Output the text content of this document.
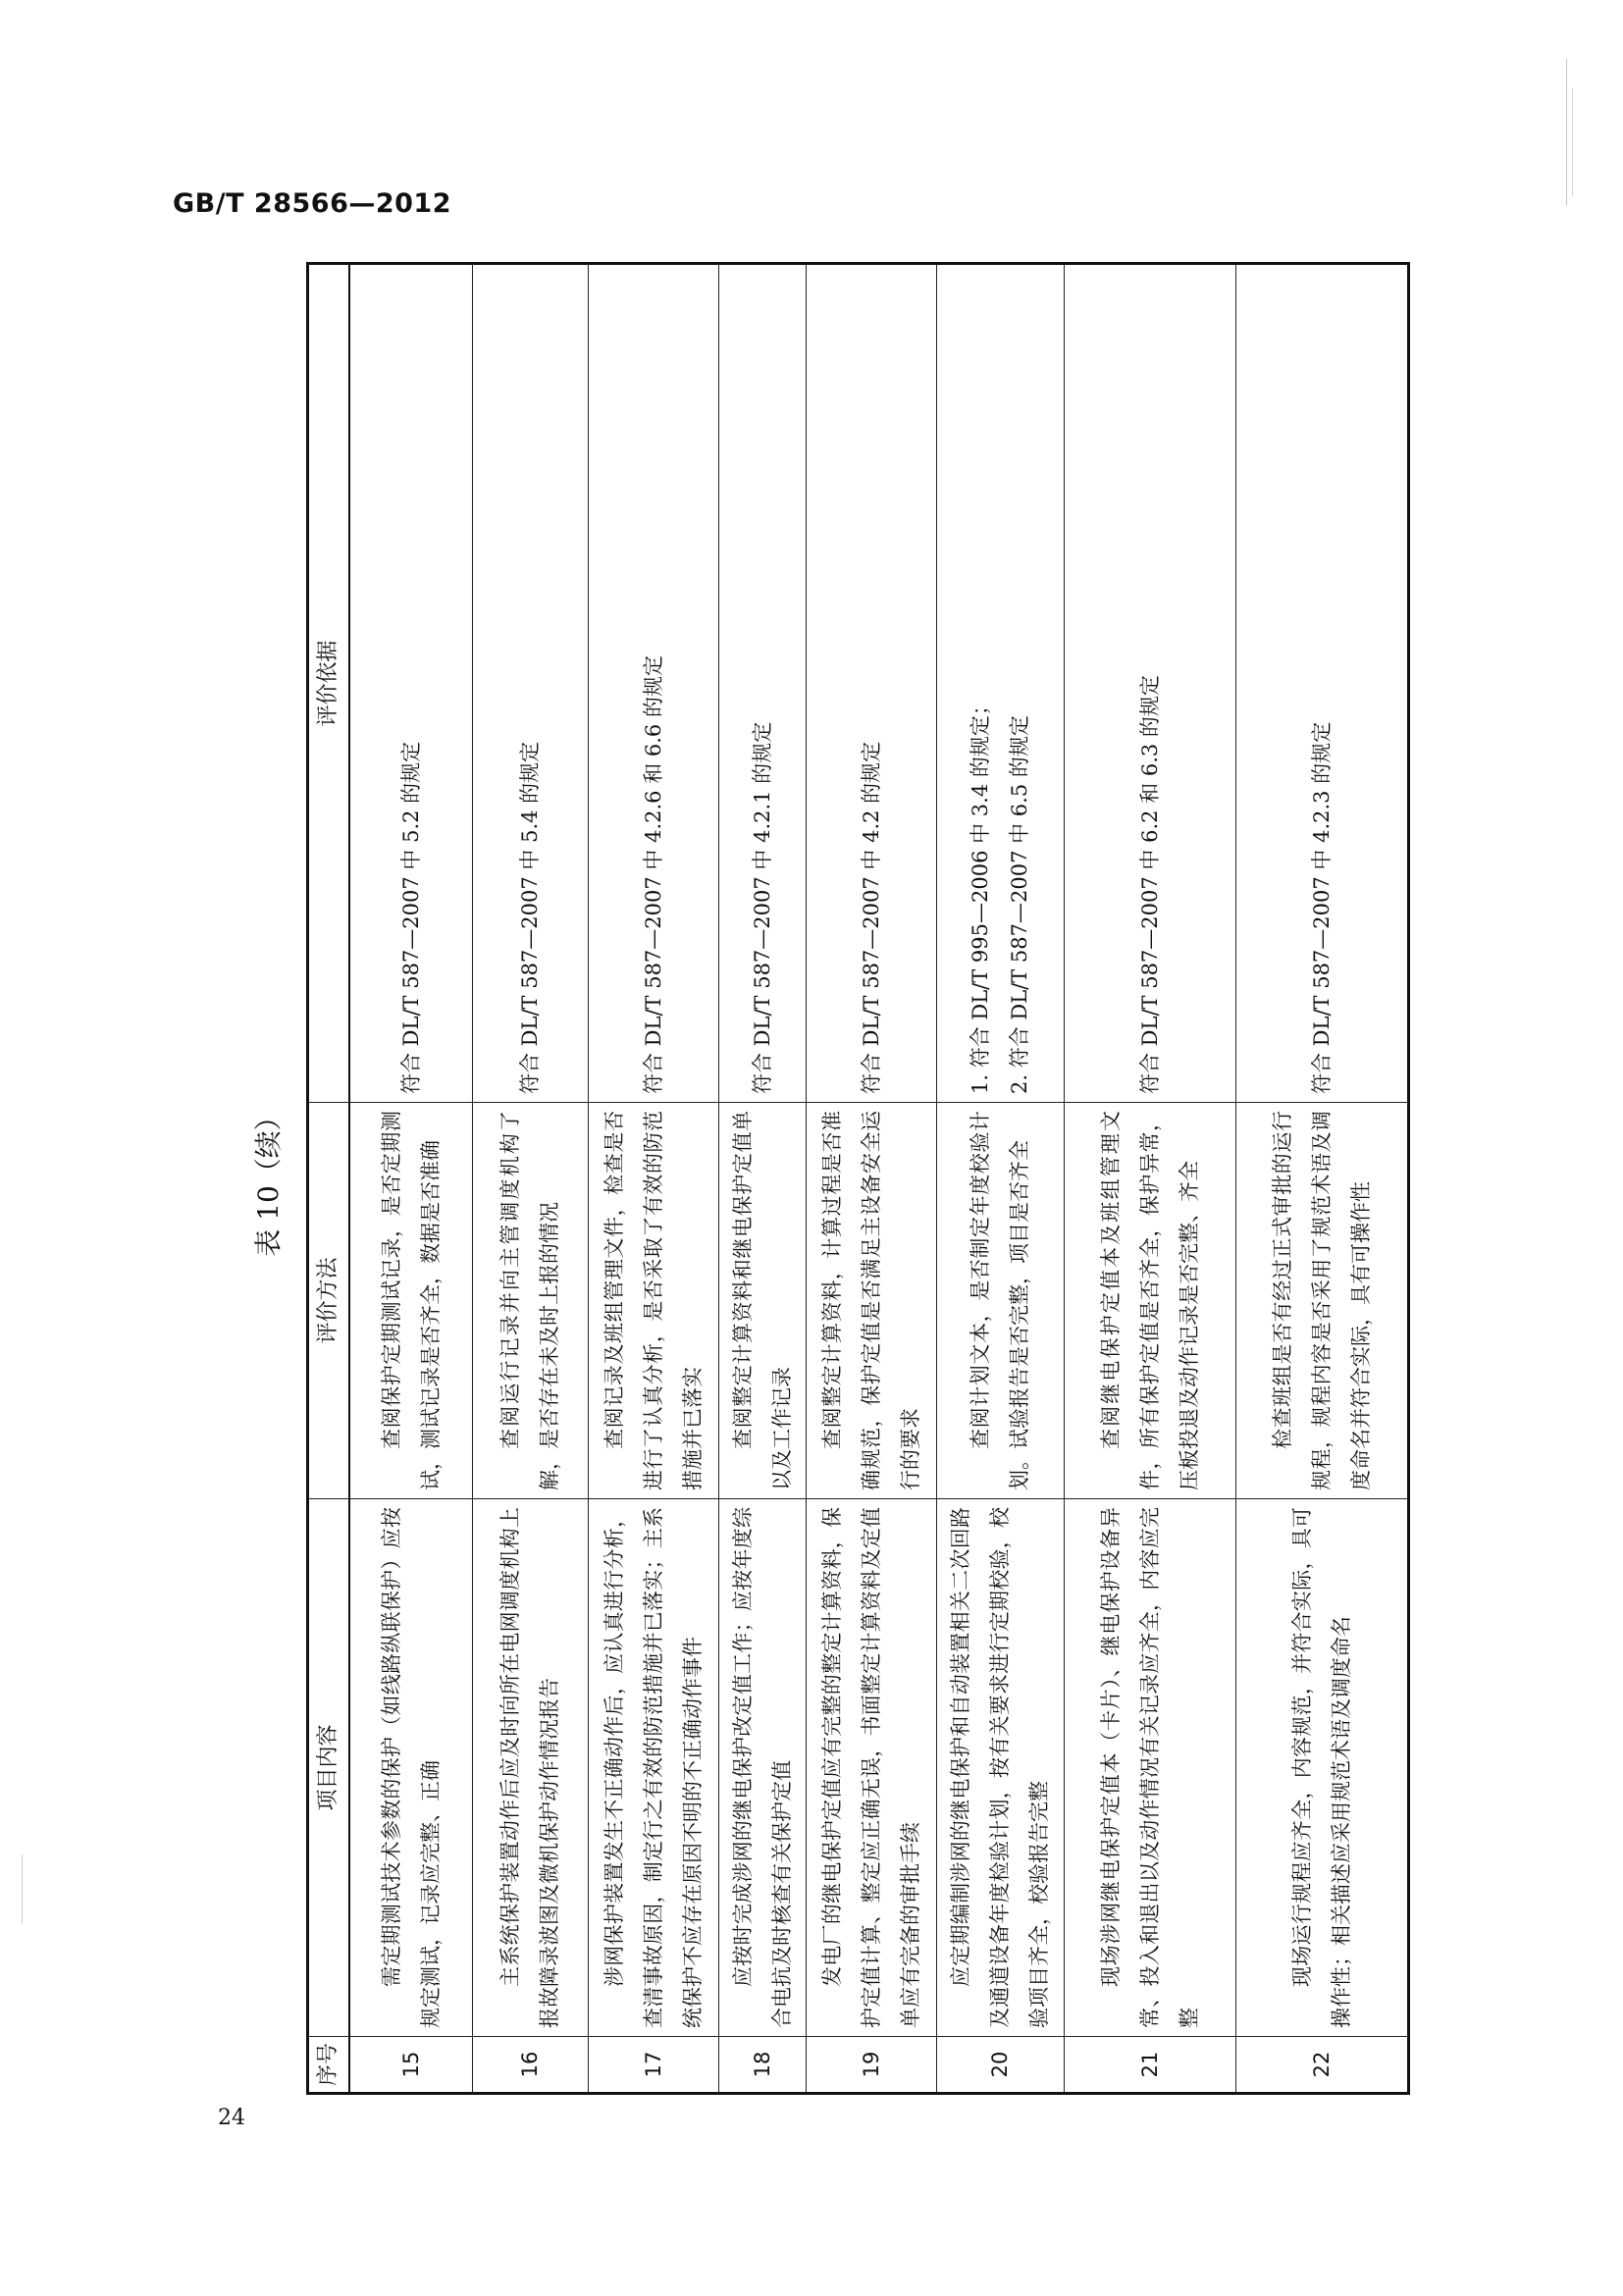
GB/T 28566—2012
表 10（续）
序号	项目内容	评价方法	评价依据
15	需定期测试技术参数的保护（如线路纵联保护）应按规定测试，记录应完整、正确	查阅保护定期测试记录，是否定期测试，测试记录是否齐全，数据是否准确	符合 DL/T 587—2007 中 5.2 的规定

16	主系统保护装置动作后应及时向所在电网调度机构上报故障录波图及微机保护动作情况报告	查阅运行记录并向主管调度机构了解，是否存在未及时上报的情况	符合 DL/T 587—2007 中 5.4 的规定

17	涉网保护装置发生不正确动作后，应认真进行分析，查清事故原因，制定行之有效的防范措施并已落实；主系统保护不应存在原因不明的不正确动作事件	查阅记录及班组管理文件，检查是否进行了认真分析，是否采取了有效的防范措施并已落实	符合 DL/T 587—2007 中 4.2.6 和 6.6 的规定

18	应按时完成涉网的继电保护改定值工作；应按年度综合电抗及时核查有关保护定值	查阅整定计算资料和继电保护定值单以及工作记录	符合 DL/T 587—2007 中 4.2.1 的规定

19	发电厂的继电保护定值应有完整的整定计算资料，保护定值计算、整定应正确无误，书面整定计算资料及定值单应有完备的审批手续	查阅整定计算资料，计算过程是否准确规范，保护定值是否满足主设备安全运行的要求	符合 DL/T 587—2007 中 4.2 的规定

20	应定期编制涉网的继电保护和自动装置相关二次回路及通道设备年度检验计划，按有关要求进行定期校验，校验项目齐全，校验报告完整	查阅计划文本，是否制定年度校验计划。试验报告是否完整，项目是否齐全	1. 符合 DL/T 995—2006 中 3.4 的规定； 2. 符合 DL/T 587—2007 中 6.5 的规定

21	现场涉网继电保护定值本（卡片）、继电保护设备异常、投入和退出以及动作情况有关记录应齐全，内容应完整	查阅继电保护定值本及班组管理文件，所有保护定值是否齐全，保护异常，压板投退及动作记录是否完整、齐全	符合 DL/T 587—2007 中 6.2 和 6.3 的规定

22	现场运行规程应齐全，内容规范，并符合实际，具可操作性；相关描述应采用规范术语及调度命名	检查班组是否有经过正式审批的运行规程，规程内容是否采用了规范术语及调度命名并符合实际，具有可操作性	符合 DL/T 587—2007 中 4.2.3 的规定
24
